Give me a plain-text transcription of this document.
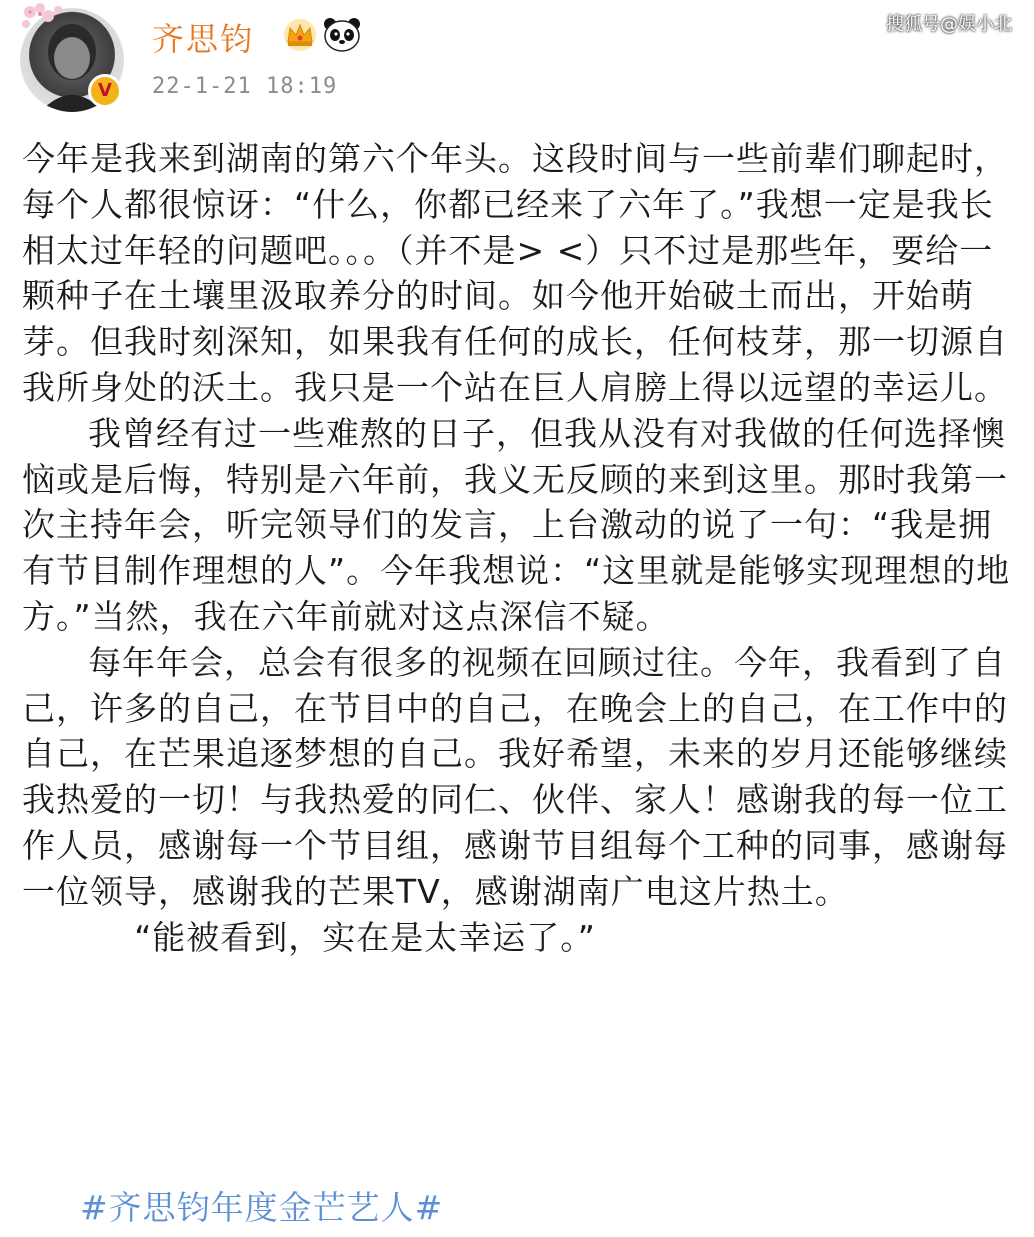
V
齐思钧
22-1-21 18:19
搜狐号@娱小北

今年是我来到湖南的第六个年头。这段时间与一些前辈们聊起时，每个人都很惊讶：“什么，你都已经来了六年了。”我想一定是我长相太过年轻的问题吧。。。（并不是> <）只不过是那些年，要给一颗种子在土壤里汲取养分的时间。如今他开始破土而出，开始萌芽。但我时刻深知，如果我有任何的成长，任何枝芽，那一切源自我所身处的沃土。我只是一个站在巨人肩膀上得以远望的幸运儿。

我曾经有过一些难熬的日子，但我从没有对我做的任何选择懊恼或是后悔，特别是六年前，我义无反顾的来到这里。那时我第一次主持年会，听完领导们的发言，上台激动的说了一句：“我是拥有节目制作理想的人”。今年我想说：“这里就是能够实现理想的地方。”当然，我在六年前就对这点深信不疑。

每年年会，总会有很多的视频在回顾过往。今年，我看到了自己，许多的自己，在节目中的自己，在晚会上的自己，在工作中的自己，在芒果追逐梦想的自己。我好希望，未来的岁月还能够继续我热爱的一切！与我热爱的同仁、伙伴、家人！感谢我的每一位工作人员，感谢每一个节目组，感谢节目组每个工种的同事，感谢每一位领导，感谢我的芒果TV，感谢湖南广电这片热土。

“能被看到，实在是太幸运了。”

#齐思钧年度金芒艺人#
